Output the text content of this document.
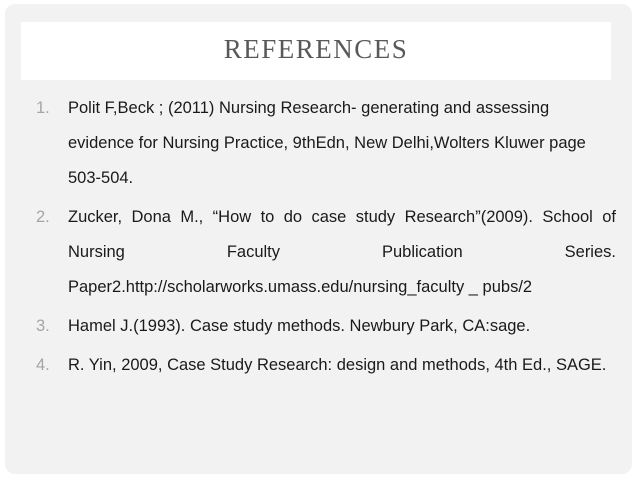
REFERENCES
1.	Polit F,Beck ; (2011) Nursing Research- generating and assessing evidence for Nursing Practice, 9thEdn, New Delhi,Wolters Kluwer page 503-504.
2.	Zucker, Dona M., “How to do case study Research”(2009). School of Nursing Faculty Publication Series. Paper2.http://scholarworks.umass.edu/nursing_faculty _ pubs/2
3.	Hamel J.(1993). Case study methods. Newbury Park, CA:sage.
4.	R. Yin, 2009, Case Study Research: design and methods, 4th Ed., SAGE.
